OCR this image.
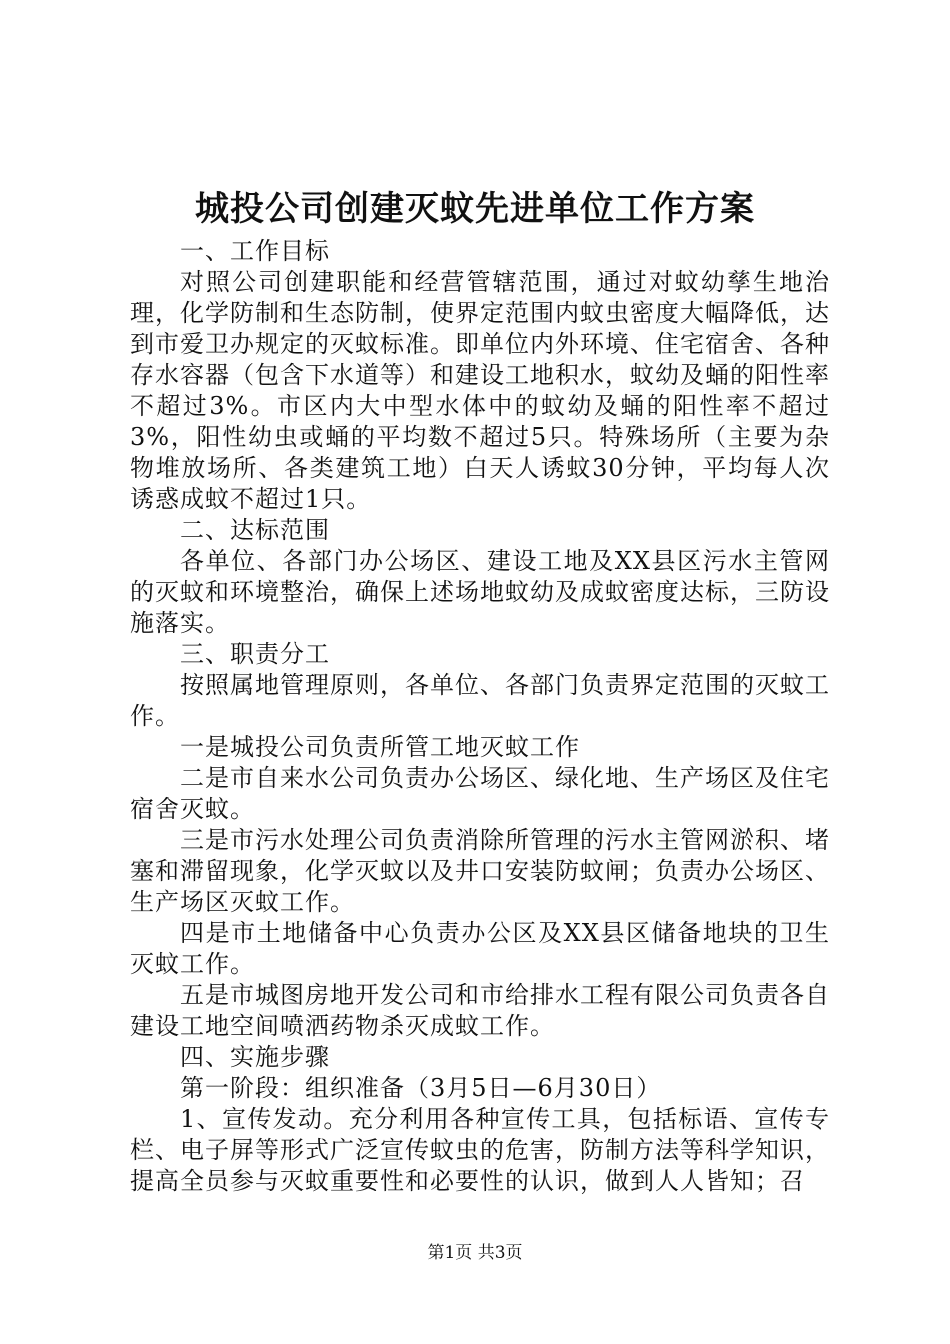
城投公司创建灭蚊先进单位工作方案

一、工作目标

对照公司创建职能和经营管辖范围，通过对蚊幼孳生地治理，化学防制和生态防制，使界定范围内蚊虫密度大幅降低，达到市爱卫办规定的灭蚊标准。即单位内外环境、住宅宿舍、各种存水容器（包含下水道等）和建设工地积水，蚊幼及蛹的阳性率不超过3%。市区内大中型水体中的蚊幼及蛹的阳性率不超过3%，阳性幼虫或蛹的平均数不超过5只。特殊场所（主要为杂物堆放场所、各类建筑工地）白天人诱蚊30分钟，平均每人次诱惑成蚊不超过1只。

二、达标范围

各单位、各部门办公场区、建设工地及XX县区污水主管网的灭蚊和环境整治，确保上述场地蚊幼及成蚊密度达标，三防设施落实。

三、职责分工

按照属地管理原则，各单位、各部门负责界定范围的灭蚊工作。

一是城投公司负责所管工地灭蚊工作

二是市自来水公司负责办公场区、绿化地、生产场区及住宅宿舍灭蚊。

三是市污水处理公司负责消除所管理的污水主管网淤积、堵塞和滞留现象，化学灭蚊以及井口安装防蚊闸；负责办公场区、生产场区灭蚊工作。

四是市土地储备中心负责办公区及XX县区储备地块的卫生灭蚊工作。

五是市城图房地开发公司和市给排水工程有限公司负责各自建设工地空间喷洒药物杀灭成蚊工作。

四、实施步骤

第一阶段：组织准备（3月5日—6月30日）

1、宣传发动。充分利用各种宣传工具，包括标语、宣传专栏、电子屏等形式广泛宣传蚊虫的危害，防制方法等科学知识，提高全员参与灭蚊重要性和必要性的认识，做到人人皆知；召

第1页 共3页
